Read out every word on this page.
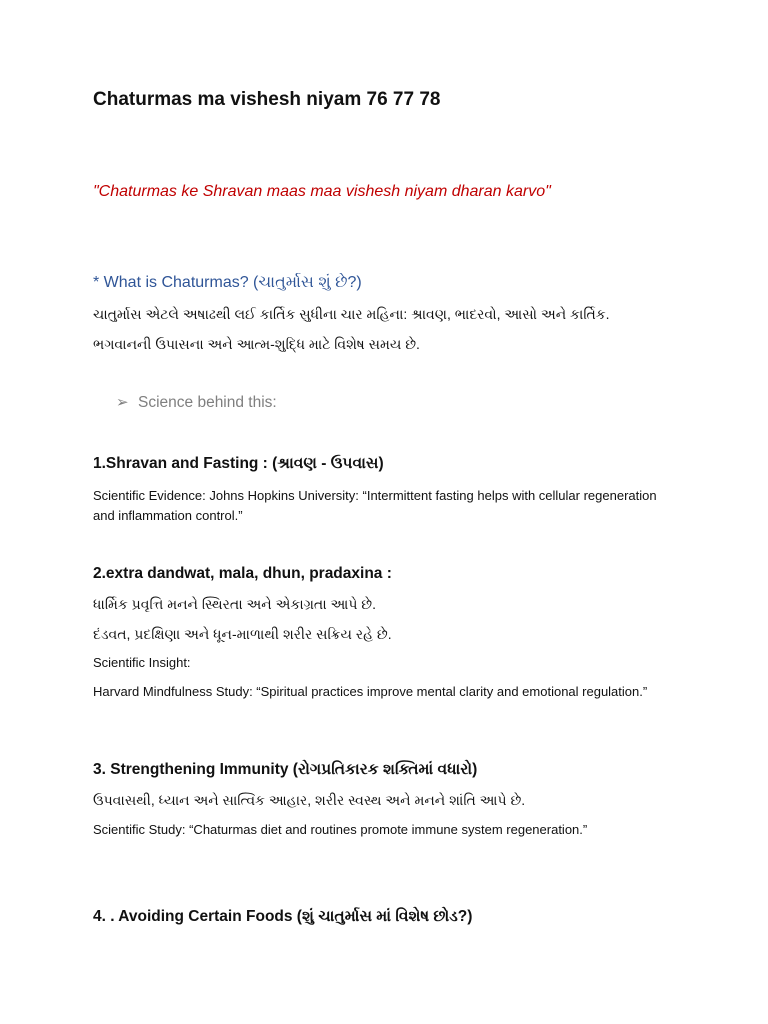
Chaturmas ma vishesh niyam 76 77 78
"Chaturmas ke Shravan maas maa vishesh niyam dharan karvo"
* What is Chaturmas? (ચાતુર્માસ શું છે?)
ચાતુર્માસ એટલે અષાઢથી લઈ કાર્તિક સુધીના ચાર મહિના: શ્રાવણ, ભાદરવો, આસો અને કાર્તિક.
ભગવાનની ઉપાસના અને આત્મ-શુદ્ધિ માટે વિશેષ સમય છે.
➢ Science behind this:
1.Shravan and Fasting : (શ્રાવણ - ઉપવાસ)
Scientific Evidence: Johns Hopkins University: “Intermittent fasting helps with cellular regeneration and inflammation control.”
2.extra dandwat, mala, dhun, pradaxina :
ધાર્મિક પ્રવૃત્તિ મનને સ્થિરતા અને એકાગ્રતા આપે છે.
દંડવત, પ્રદક્ષિણા અને ધૂન-માળાથી શરીર સક્રિય રહે છે.
Scientific Insight:
Harvard Mindfulness Study: “Spiritual practices improve mental clarity and emotional regulation.”
3. Strengthening Immunity (રોગપ્રતિકારક શક્તિમાં વધારો)
ઉપવાસથી, ધ્યાન અને સાત્વિક આહાર, શરીર સ્વસ્થ અને મનને શાંતિ આપે છે.
Scientific Study: “Chaturmas diet and routines promote immune system regeneration.”
4. . Avoiding Certain Foods (શું ચાતુર્માસ માં વિશેષ છોડ?)
